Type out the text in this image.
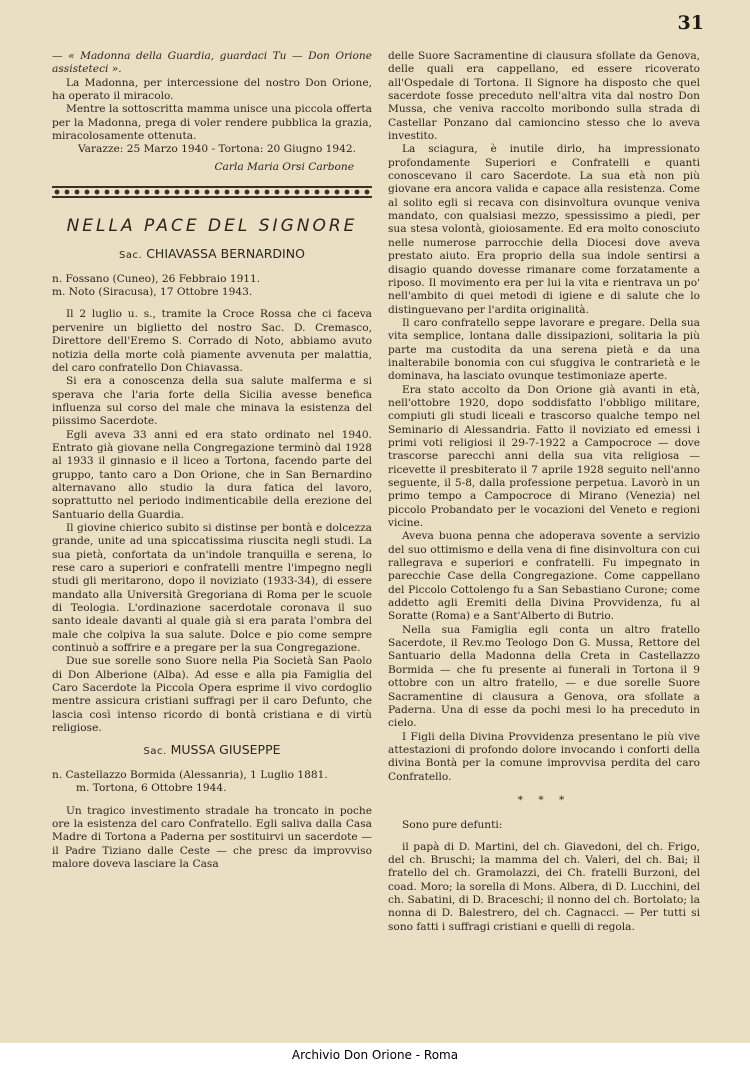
31

— « Madonna della Guardia, guardaci Tu — Don Orione assisteteci ».

La Madonna, per intercessione del nostro Don Orione, ha operato il miracolo.

Mentre la sottoscritta mamma unisce una piccola offerta per la Madonna, prega di voler rendere pubblica la grazia, miracolosamente ottenuta.

Varazze: 25 Marzo 1940 - Tortona: 20 Giugno 1942.

Carla Maria Orsi Carbone

NELLA PACE DEL SIGNORE

Sac. CHIAVASSA BERNARDINO

n. Fossano (Cuneo), 26 Febbraio 1911.
m. Noto (Siracusa), 17 Ottobre 1943.

Il 2 luglio u. s., tramite la Croce Rossa che ci faceva pervenire un biglietto del nostro Sac. D. Cremasco, Direttore dell'Eremo S. Corrado di Noto, abbiamo avuto notizia della morte colà piamente avvenuta per malattia, del caro confratello Don Chiavassa.

Si era a conoscenza della sua salute malferma e si sperava che l'aria forte della Sicilia avesse benefica influenza sul corso del male che minava la esistenza del piissimo Sacerdote.

Egli aveva 33 anni ed era stato ordinato nel 1940. Entrato già giovane nella Congregazione terminò dal 1928 al 1933 il ginnasio e il liceo a Tortona, facendo parte del gruppo, tanto caro a Don Orione, che in San Bernardino alternavano allo studio la dura fatica del lavoro, soprattutto nel periodo indimenticabile della erezione del Santuario della Guardia.

Il giovine chierico subito si distinse per bontà e dolcezza grande, unite ad una spiccatissima riuscita negli studi. La sua pietà, confortata da un'indole tranquilla e serena, lo rese caro a superiori e confratelli mentre l'impegno negli studi gli meritarono, dopo il noviziato (1933-34), di essere mandato alla Università Gregoriana di Roma per le scuole di Teologia. L'ordinazione sacerdotale coronava il suo santo ideale davanti al quale già si era parata l'ombra del male che colpiva la sua salute. Dolce e pio come sempre continuò a soffrire e a pregare per la sua Congregazione.

Due sue sorelle sono Suore nella Pia Società San Paolo di Don Alberione (Alba). Ad esse e alla pia Famiglia del Caro Sacerdote la Piccola Opera esprime il vivo cordoglio mentre assicura cristiani suffragi per il caro Defunto, che lascia così intenso ricordo di bontà cristiana e di virtù religiose.

Sac. MUSSA GIUSEPPE

n. Castellazzo Bormida (Alessanria), 1 Luglio 1881.
m. Tortona, 6 Ottobre 1944.

Un tragico investimento stradale ha troncato in poche ore la esistenza del caro Confratello. Egli saliva dalla Casa Madre di Tortona a Paderna per sostituirvi un sacerdote — il Padre Tiziano dalle Ceste — che presc da improvviso malore doveva lasciare la Casa

delle Suore Sacramentine di clausura sfollate da Genova, delle quali era cappellano, ed essere ricoverato all'Ospedale di Tortona. Il Signore ha disposto che quel sacerdote fosse preceduto nell'altra vita dal nostro Don Mussa, che veniva raccolto moribondo sulla strada di Castellar Ponzano dal camioncino stesso che lo aveva investito.

La sciagura, è inutile dirlo, ha impressionato profondamente Superiori e Confratelli e quanti conoscevano il caro Sacerdote. La sua età non più giovane era ancora valida e capace alla resistenza. Come al solito egli si recava con disinvoltura ovunque veniva mandato, con qualsiasi mezzo, spessissimo a piedi, per sua stesa volontà, gioiosamente. Ed era molto conosciuto nelle numerose parrocchie della Diocesi dove aveva prestato aiuto. Era proprio della sua indole sentirsi a disagio quando dovesse rimanare come forzatamente a riposo. Il movimento era per lui la vita e rientrava un po' nell'ambito di quei metodi di igiene e di salute che lo distinguevano per l'ardita originalità.

Il caro confratello seppe lavorare e pregare. Della sua vita semplice, lontana dalle dissipazioni, solitaria la più parte ma custodita da una serena pietà e da una inalterabile bonomia con cui sfuggiva le contrarietà e le dominava, ha lasciato ovunque testimoniaze aperte.

Era stato accolto da Don Orione già avanti in età, nell'ottobre 1920, dopo soddisfatto l'obbligo militare, compiuti gli studi liceali e trascorso qualche tempo nel Seminario di Alessandria. Fatto il noviziato ed emessi i primi voti religiosi il 29-7-1922 a Campocroce — dove trascorse parecchi anni della sua vita religiosa — ricevette il presbiterato il 7 aprile 1928 seguito nell'anno seguente, il 5-8, dalla professione perpetua. Lavorò in un primo tempo a Campocroce di Mirano (Venezia) nel piccolo Probandato per le vocazioni del Veneto e regioni vicine.

Aveva buona penna che adoperava sovente a servizio del suo ottimismo e della vena di fine disinvoltura con cui rallegrava e superiori e confratelli. Fu impegnato in parecchie Case della Congregazione. Come cappellano del Piccolo Cottolengo fu a San Sebastiano Curone; come addetto agli Eremiti della Divina Provvidenza, fu al Soratte (Roma) e a Sant'Alberto di Butrio.

Nella sua Famiglia egli conta un altro fratello Sacerdote, il Rev.mo Teologo Don G. Mussa, Rettore del Santuario della Madonna della Creta in Castellazzo Bormida — che fu presente ai funerali in Tortona il 9 ottobre con un altro fratello, — e due sorelle Suore Sacramentine di clausura a Genova, ora sfollate a Paderna. Una di esse da pochi mesi lo ha preceduto in cielo.

I Figli della Divina Provvidenza presentano le più vive attestazioni di profondo dolore invocando i conforti della divina Bontà per la comune improvvisa perdita del caro Confratello.

* * *

Sono pure defunti:

il papà di D. Martini, del ch. Giavedoni, del ch. Frigo, del ch. Bruschi; la mamma del ch. Valeri, del ch. Bai; il fratello del ch. Gramolazzi, dei Ch. fratelli Burzoni, del coad. Moro; la sorella di Mons. Albera, di D. Lucchini, del ch. Sabatini, di D. Braceschi; il nonno del ch. Bortolato; la nonna di D. Balestrero, del ch. Cagnacci. — Per tutti si sono fatti i suffragi cristiani e quelli di regola.

Archivio Don Orione - Roma
